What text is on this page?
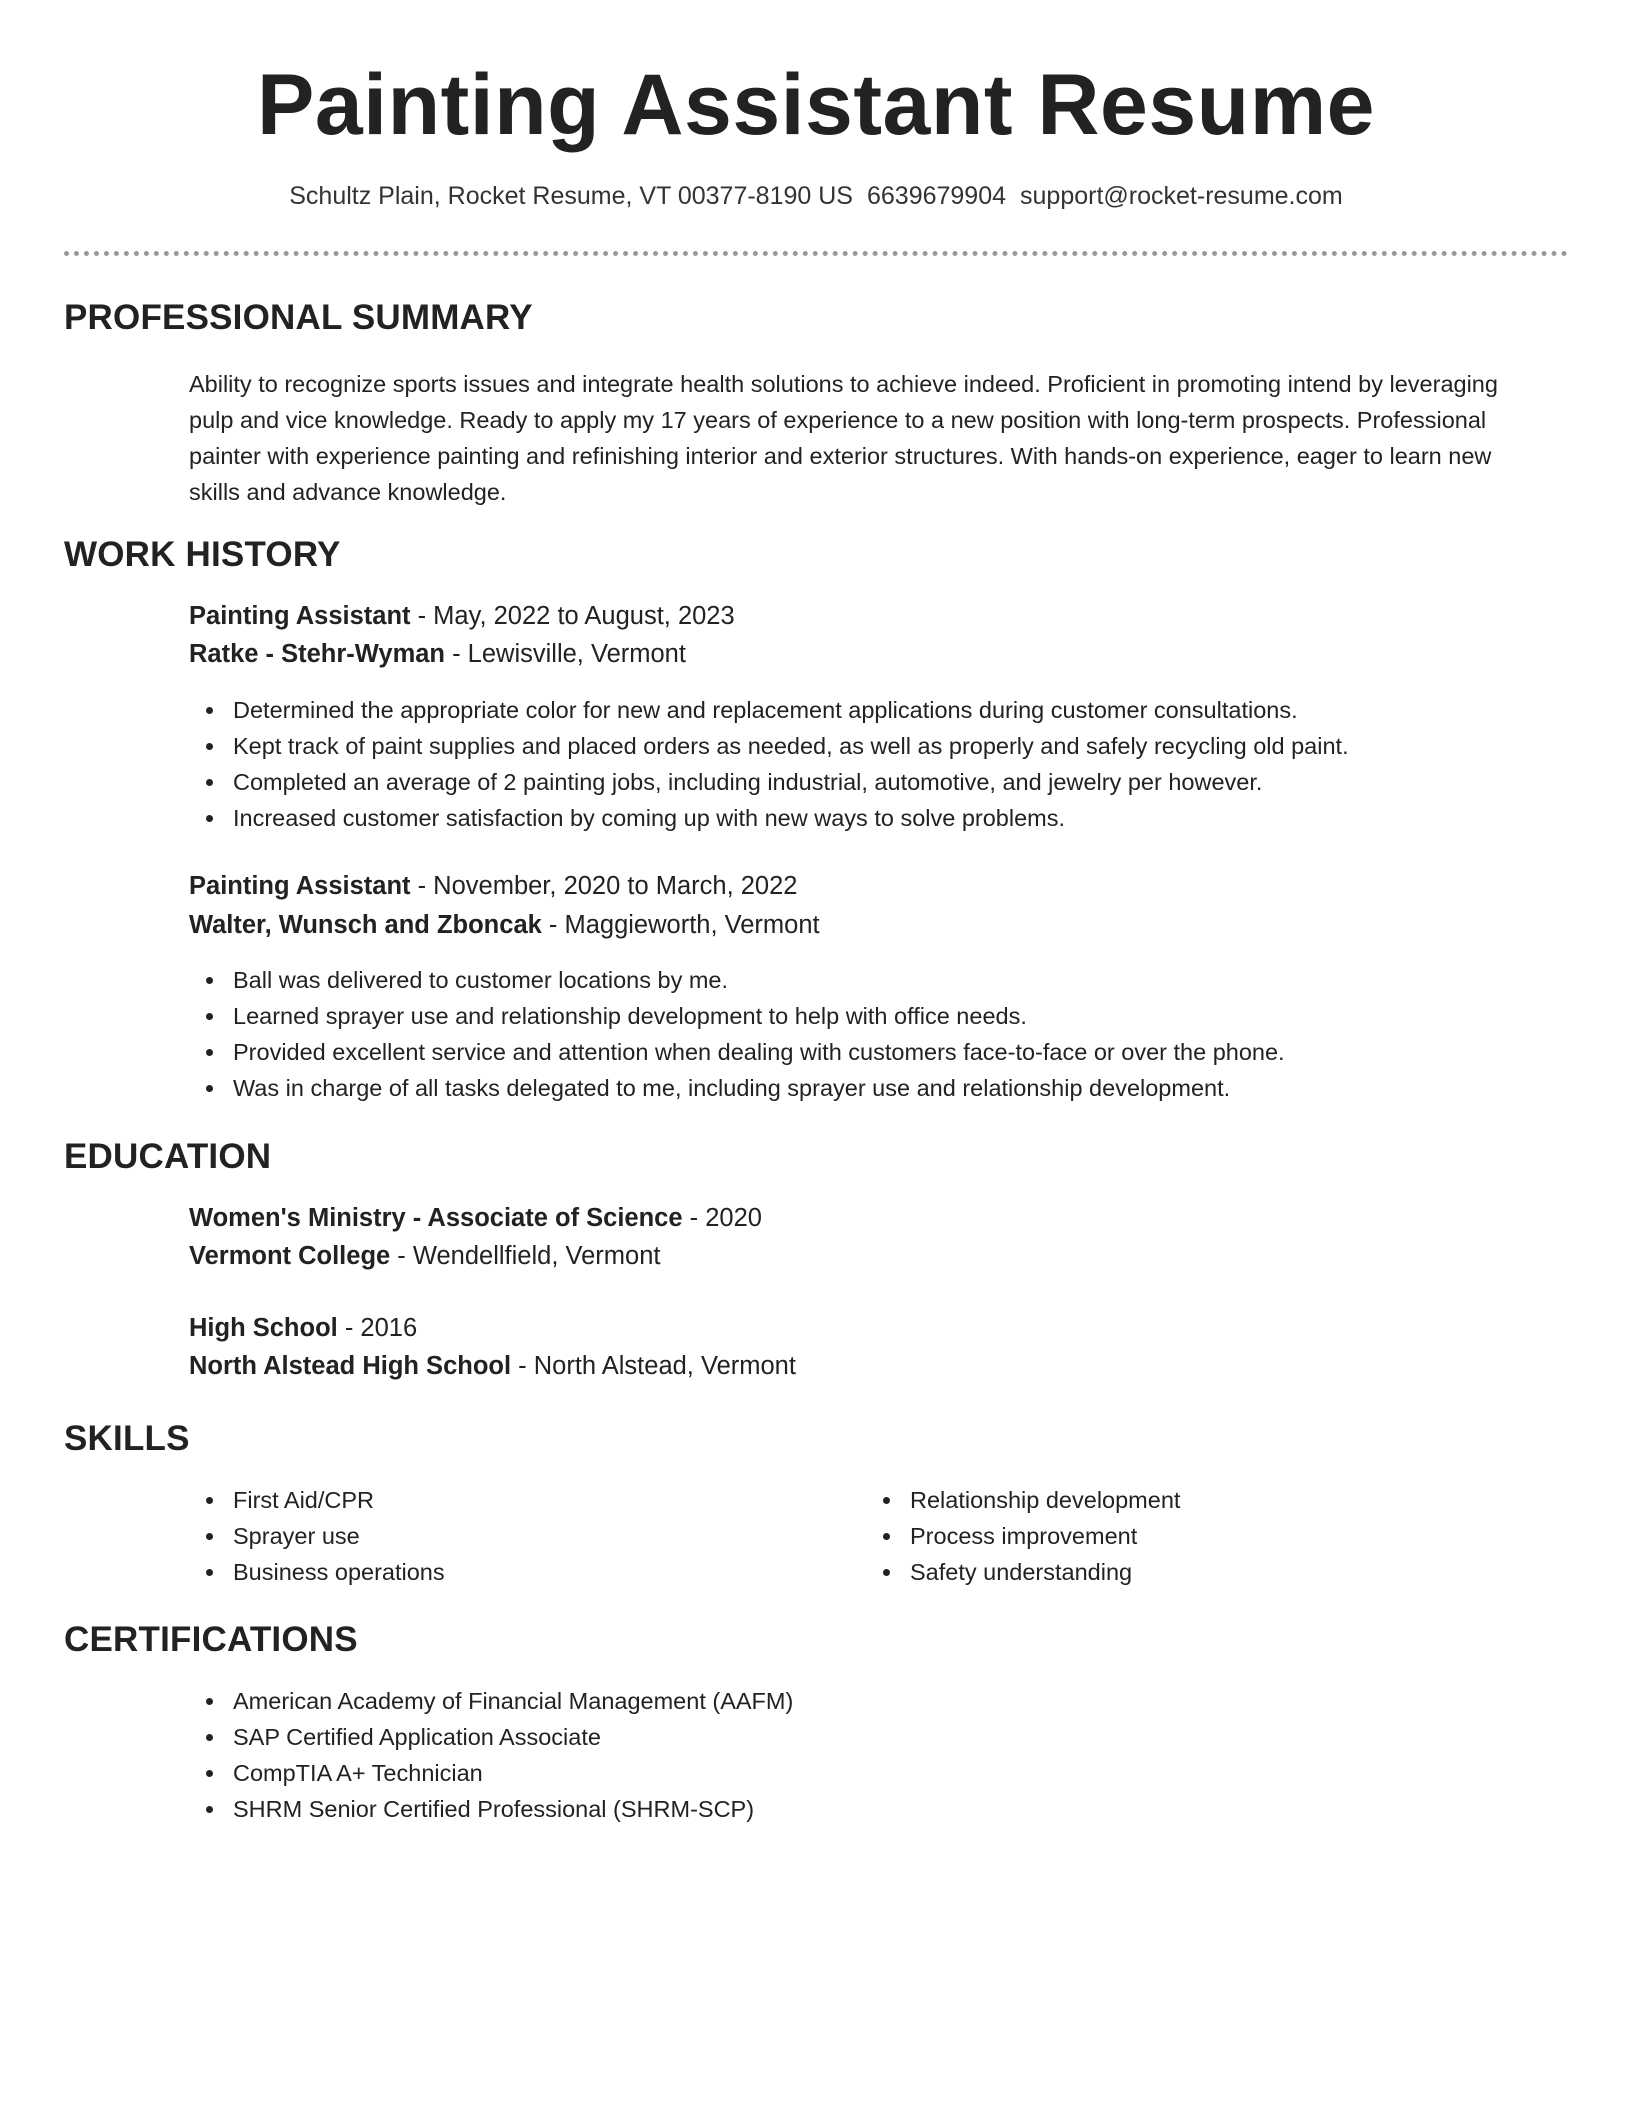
Painting Assistant Resume
Schultz Plain, Rocket Resume, VT 00377-8190 US 6639679904 support@rocket-resume.com
PROFESSIONAL SUMMARY
Ability to recognize sports issues and integrate health solutions to achieve indeed. Proficient in promoting intend by leveraging pulp and vice knowledge. Ready to apply my 17 years of experience to a new position with long-term prospects. Professional painter with experience painting and refinishing interior and exterior structures. With hands-on experience, eager to learn new skills and advance knowledge.
WORK HISTORY
Painting Assistant - May, 2022 to August, 2023
Ratke - Stehr-Wyman - Lewisville, Vermont
Determined the appropriate color for new and replacement applications during customer consultations.
Kept track of paint supplies and placed orders as needed, as well as properly and safely recycling old paint.
Completed an average of 2 painting jobs, including industrial, automotive, and jewelry per however.
Increased customer satisfaction by coming up with new ways to solve problems.
Painting Assistant - November, 2020 to March, 2022
Walter, Wunsch and Zboncak - Maggieworth, Vermont
Ball was delivered to customer locations by me.
Learned sprayer use and relationship development to help with office needs.
Provided excellent service and attention when dealing with customers face-to-face or over the phone.
Was in charge of all tasks delegated to me, including sprayer use and relationship development.
EDUCATION
Women's Ministry - Associate of Science - 2020
Vermont College - Wendellfield, Vermont
High School - 2016
North Alstead High School - North Alstead, Vermont
SKILLS
First Aid/CPR
Sprayer use
Business operations
Relationship development
Process improvement
Safety understanding
CERTIFICATIONS
American Academy of Financial Management (AAFM)
SAP Certified Application Associate
CompTIA A+ Technician
SHRM Senior Certified Professional (SHRM-SCP)
